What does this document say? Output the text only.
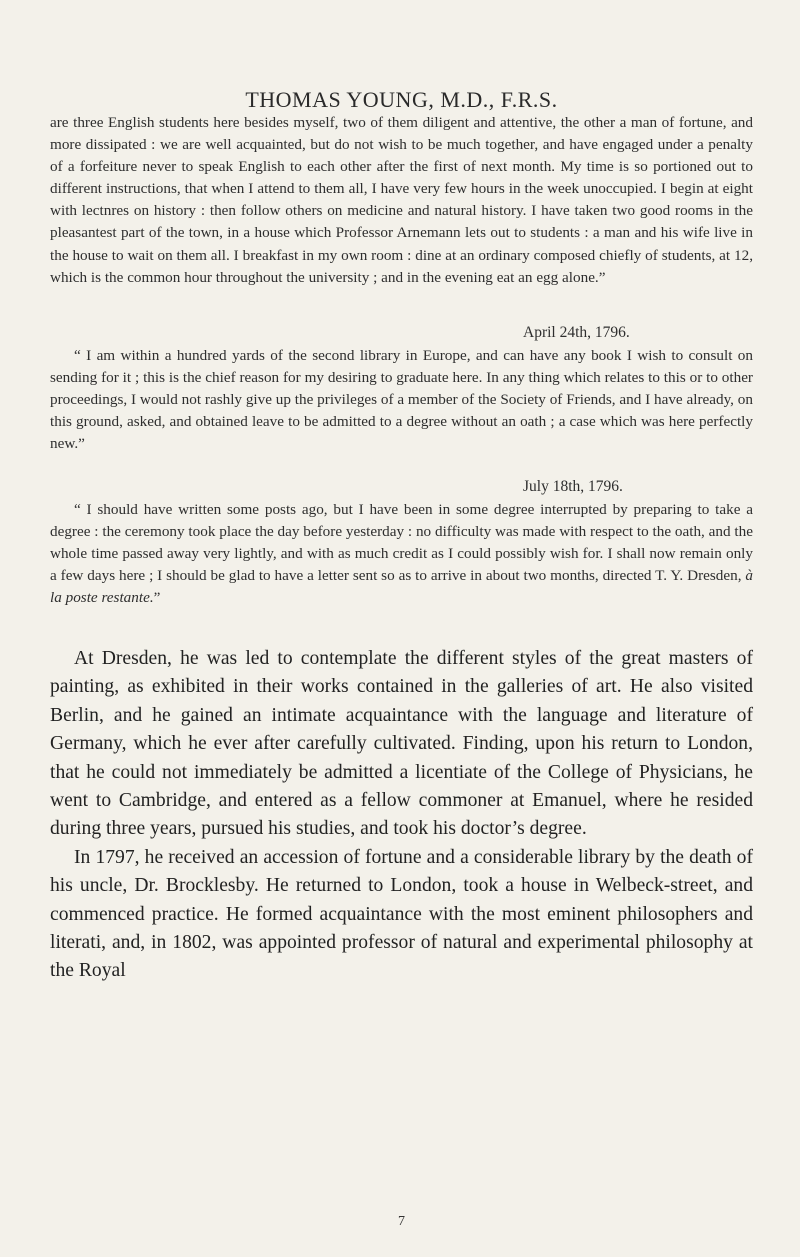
THOMAS YOUNG, M.D., F.R.S.

are three English students here besides myself, two of them diligent and attentive, the other a man of fortune, and more dissipated : we are well acquainted, but do not wish to be much together, and have engaged under a penalty of a forfeiture never to speak English to each other after the first of next month. My time is so portioned out to different instructions, that when I attend to them all, I have very few hours in the week unoccupied. I begin at eight with lectnres on history : then follow others on medicine and natural history. I have taken two good rooms in the pleasantest part of the town, in a house which Professor Arnemann lets out to students : a man and his wife live in the house to wait on them all. I breakfast in my own room : dine at an ordinary composed chiefly of students, at 12, which is the common hour throughout the university ; and in the evening eat an egg alone.”

April 24th, 1796.

“ I am within a hundred yards of the second library in Europe, and can have any book I wish to consult on sending for it ; this is the chief reason for my desiring to graduate here. In any thing which relates to this or to other proceedings, I would not rashly give up the privileges of a member of the Society of Friends, and I have already, on this ground, asked, and obtained leave to be admitted to a degree without an oath ; a case which was here perfectly new.”

July 18th, 1796.

“ I should have written some posts ago, but I have been in some degree interrupted by preparing to take a degree : the ceremony took place the day before yesterday : no difficulty was made with respect to the oath, and the whole time passed away very lightly, and with as much credit as I could possibly wish for. I shall now remain only a few days here ; I should be glad to have a letter sent so as to arrive in about two months, directed T. Y. Dresden, à la poste restante.”

At Dresden, he was led to contemplate the different styles of the great masters of painting, as exhibited in their works contained in the galleries of art. He also visited Berlin, and he gained an intimate acquaintance with the language and literature of Germany, which he ever after carefully cultivated. Finding, upon his return to London, that he could not immediately be admitted a licentiate of the College of Physicians, he went to Cambridge, and entered as a fellow commoner at Emanuel, where he resided during three years, pursued his studies, and took his doctor’s degree.

In 1797, he received an accession of fortune and a considerable library by the death of his uncle, Dr. Brocklesby. He returned to London, took a house in Welbeck-street, and commenced practice. He formed acquaintance with the most eminent philosophers and literati, and, in 1802, was appointed professor of natural and experimental philosophy at the Royal

7
